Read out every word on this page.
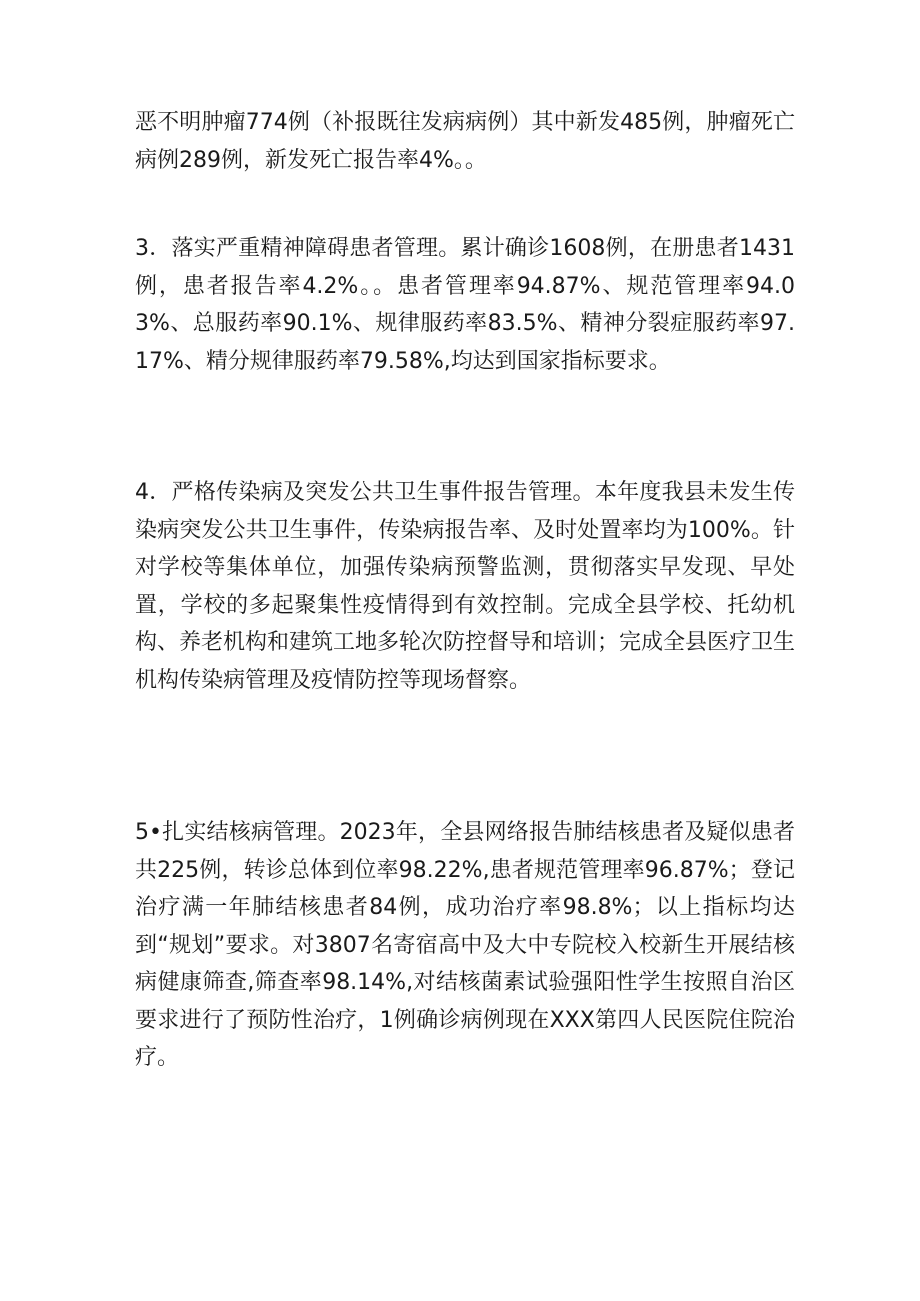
恶不明肿瘤774例（补报既往发病病例）其中新发485例，肿瘤死亡病例289例，新发死亡报告率4%。。

3．落实严重精神障碍患者管理。累计确诊1608例，在册患者1431例，患者报告率4.2%。。患者管理率94.87%、规范管理率94.03%、总服药率90.1%、规律服药率83.5%、精神分裂症服药率97.17%、精分规律服药率79.58%,均达到国家指标要求。

4．严格传染病及突发公共卫生事件报告管理。本年度我县未发生传染病突发公共卫生事件，传染病报告率、及时处置率均为100%。针对学校等集体单位，加强传染病预警监测，贯彻落实早发现、早处置，学校的多起聚集性疫情得到有效控制。完成全县学校、托幼机构、养老机构和建筑工地多轮次防控督导和培训；完成全县医疗卫生机构传染病管理及疫情防控等现场督察。

5•扎实结核病管理。2023年，全县网络报告肺结核患者及疑似患者共225例，转诊总体到位率98.22%,患者规范管理率96.87%；登记治疗满一年肺结核患者84例，成功治疗率98.8%；以上指标均达到“规划”要求。对3807名寄宿高中及大中专院校入校新生开展结核病健康筛查,筛查率98.14%,对结核菌素试验强阳性学生按照自治区要求进行了预防性治疗，1例确诊病例现在XXX第四人民医院住院治疗。
